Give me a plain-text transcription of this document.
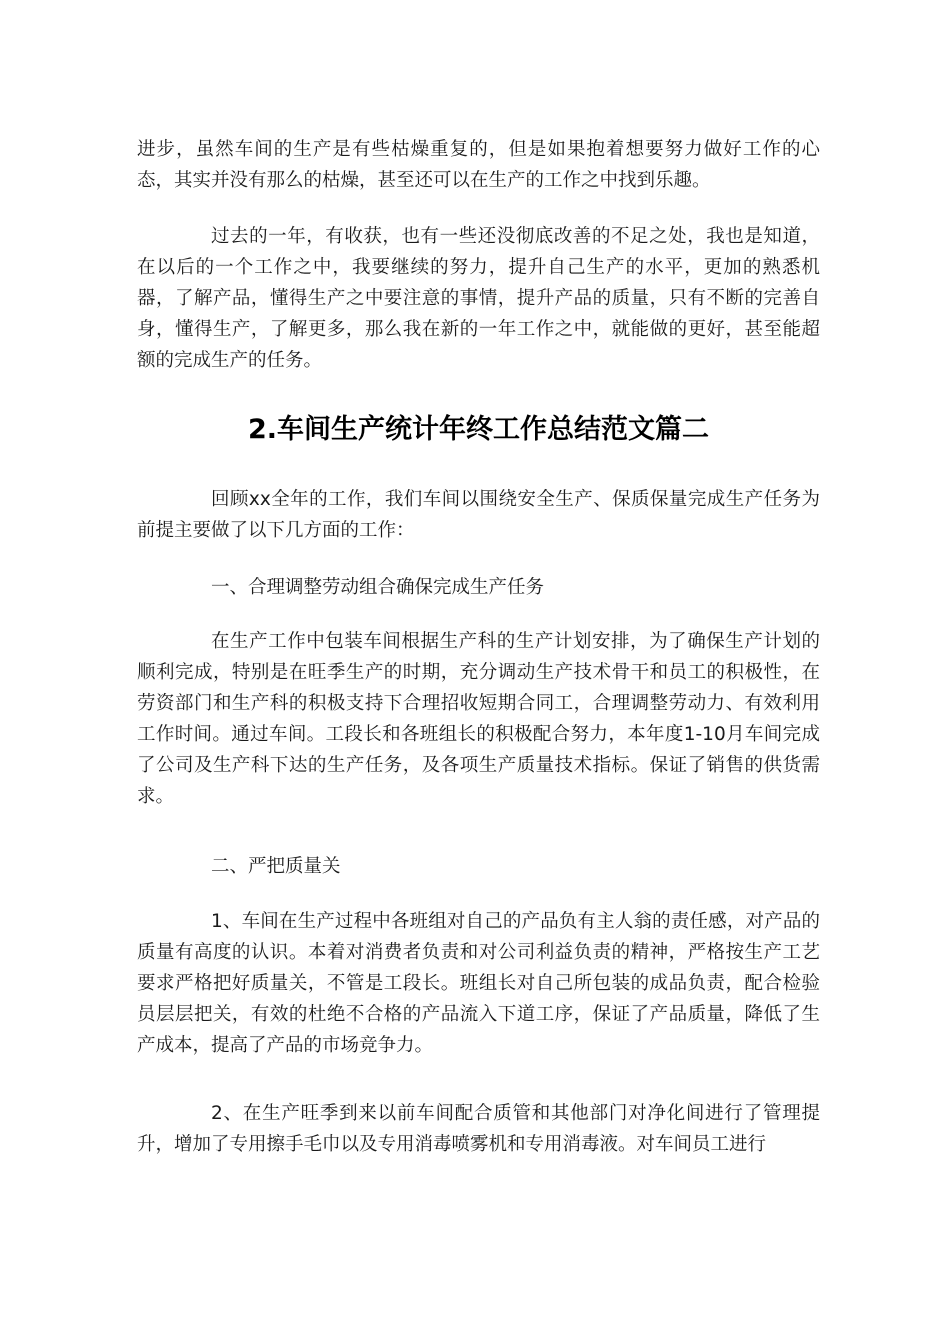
进步，虽然车间的生产是有些枯燥重复的，但是如果抱着想要努力做好工作的心态，其实并没有那么的枯燥，甚至还可以在生产的工作之中找到乐趣。

过去的一年，有收获，也有一些还没彻底改善的不足之处，我也是知道，在以后的一个工作之中，我要继续的努力，提升自己生产的水平，更加的熟悉机器，了解产品，懂得生产之中要注意的事情，提升产品的质量，只有不断的完善自身，懂得生产，了解更多，那么我在新的一年工作之中，就能做的更好，甚至能超额的完成生产的任务。

2.车间生产统计年终工作总结范文篇二

回顾xx全年的工作，我们车间以围绕安全生产、保质保量完成生产任务为前提主要做了以下几方面的工作：

一、合理调整劳动组合确保完成生产任务

在生产工作中包装车间根据生产科的生产计划安排，为了确保生产计划的顺利完成，特别是在旺季生产的时期，充分调动生产技术骨干和员工的积极性，在劳资部门和生产科的积极支持下合理招收短期合同工，合理调整劳动力、有效利用工作时间。通过车间。工段长和各班组长的积极配合努力，本年度1-10月车间完成了公司及生产科下达的生产任务，及各项生产质量技术指标。保证了销售的供货需求。

二、严把质量关

1、车间在生产过程中各班组对自己的产品负有主人翁的责任感，对产品的质量有高度的认识。本着对消费者负责和对公司利益负责的精神，严格按生产工艺要求严格把好质量关，不管是工段长。班组长对自己所包装的成品负责，配合检验员层层把关，有效的杜绝不合格的产品流入下道工序，保证了产品质量，降低了生产成本，提高了产品的市场竞争力。

2、在生产旺季到来以前车间配合质管和其他部门对净化间进行了管理提升，增加了专用擦手毛巾以及专用消毒喷雾机和专用消毒液。对车间员工进行
